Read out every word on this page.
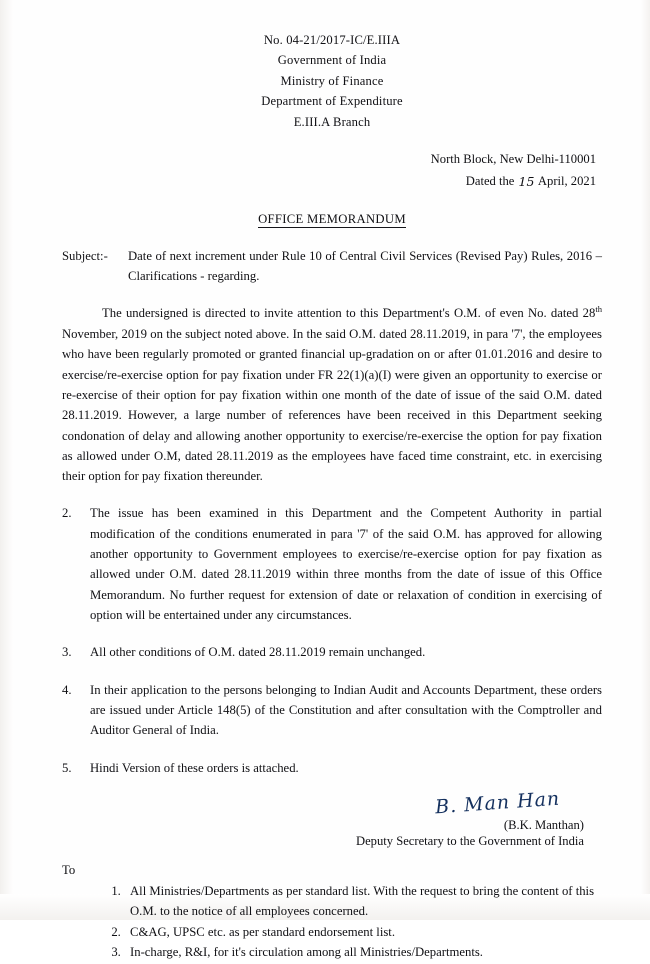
No. 04-21/2017-IC/E.IIIA
Government of India
Ministry of Finance
Department of Expenditure
E.III.A Branch
North Block, New Delhi-110001
Dated the 15 April, 2021
OFFICE MEMORANDUM
Subject:-	Date of next increment under Rule 10 of Central Civil Services (Revised Pay) Rules, 2016 – Clarifications - regarding.

The undersigned is directed to invite attention to this Department's O.M. of even No. dated 28th November, 2019 on the subject noted above. In the said O.M. dated 28.11.2019, in para '7', the employees who have been regularly promoted or granted financial up-gradation on or after 01.01.2016 and desire to exercise/re-exercise option for pay fixation under FR 22(1)(a)(I) were given an opportunity to exercise or re-exercise of their option for pay fixation within one month of the date of issue of the said O.M. dated 28.11.2019. However, a large number of references have been received in this Department seeking condonation of delay and allowing another opportunity to exercise/re-exercise the option for pay fixation as allowed under O.M, dated 28.11.2019 as the employees have faced time constraint, etc. in exercising their option for pay fixation thereunder.

2.	The issue has been examined in this Department and the Competent Authority in partial modification of the conditions enumerated in para '7' of the said O.M. has approved for allowing another opportunity to Government employees to exercise/re-exercise option for pay fixation as allowed under O.M. dated 28.11.2019 within three months from the date of issue of this Office Memorandum. No further request for extension of date or relaxation of condition in exercising of option will be entertained under any circumstances.
3.	All other conditions of O.M. dated 28.11.2019 remain unchanged.
4.	In their application to the persons belonging to Indian Audit and Accounts Department, these orders are issued under Article 148(5) of the Constitution and after consultation with the Comptroller and Auditor General of India.
5.	Hindi Version of these orders is attached.
B. Man Han
(B.K. Manthan)
Deputy Secretary to the Government of India
To
1. All Ministries/Departments as per standard list. With the request to bring the content of this O.M. to the notice of all employees concerned.
2. C&AG, UPSC etc. as per standard endorsement list.
3. In-charge, R&I, for it's circulation among all Ministries/Departments.
